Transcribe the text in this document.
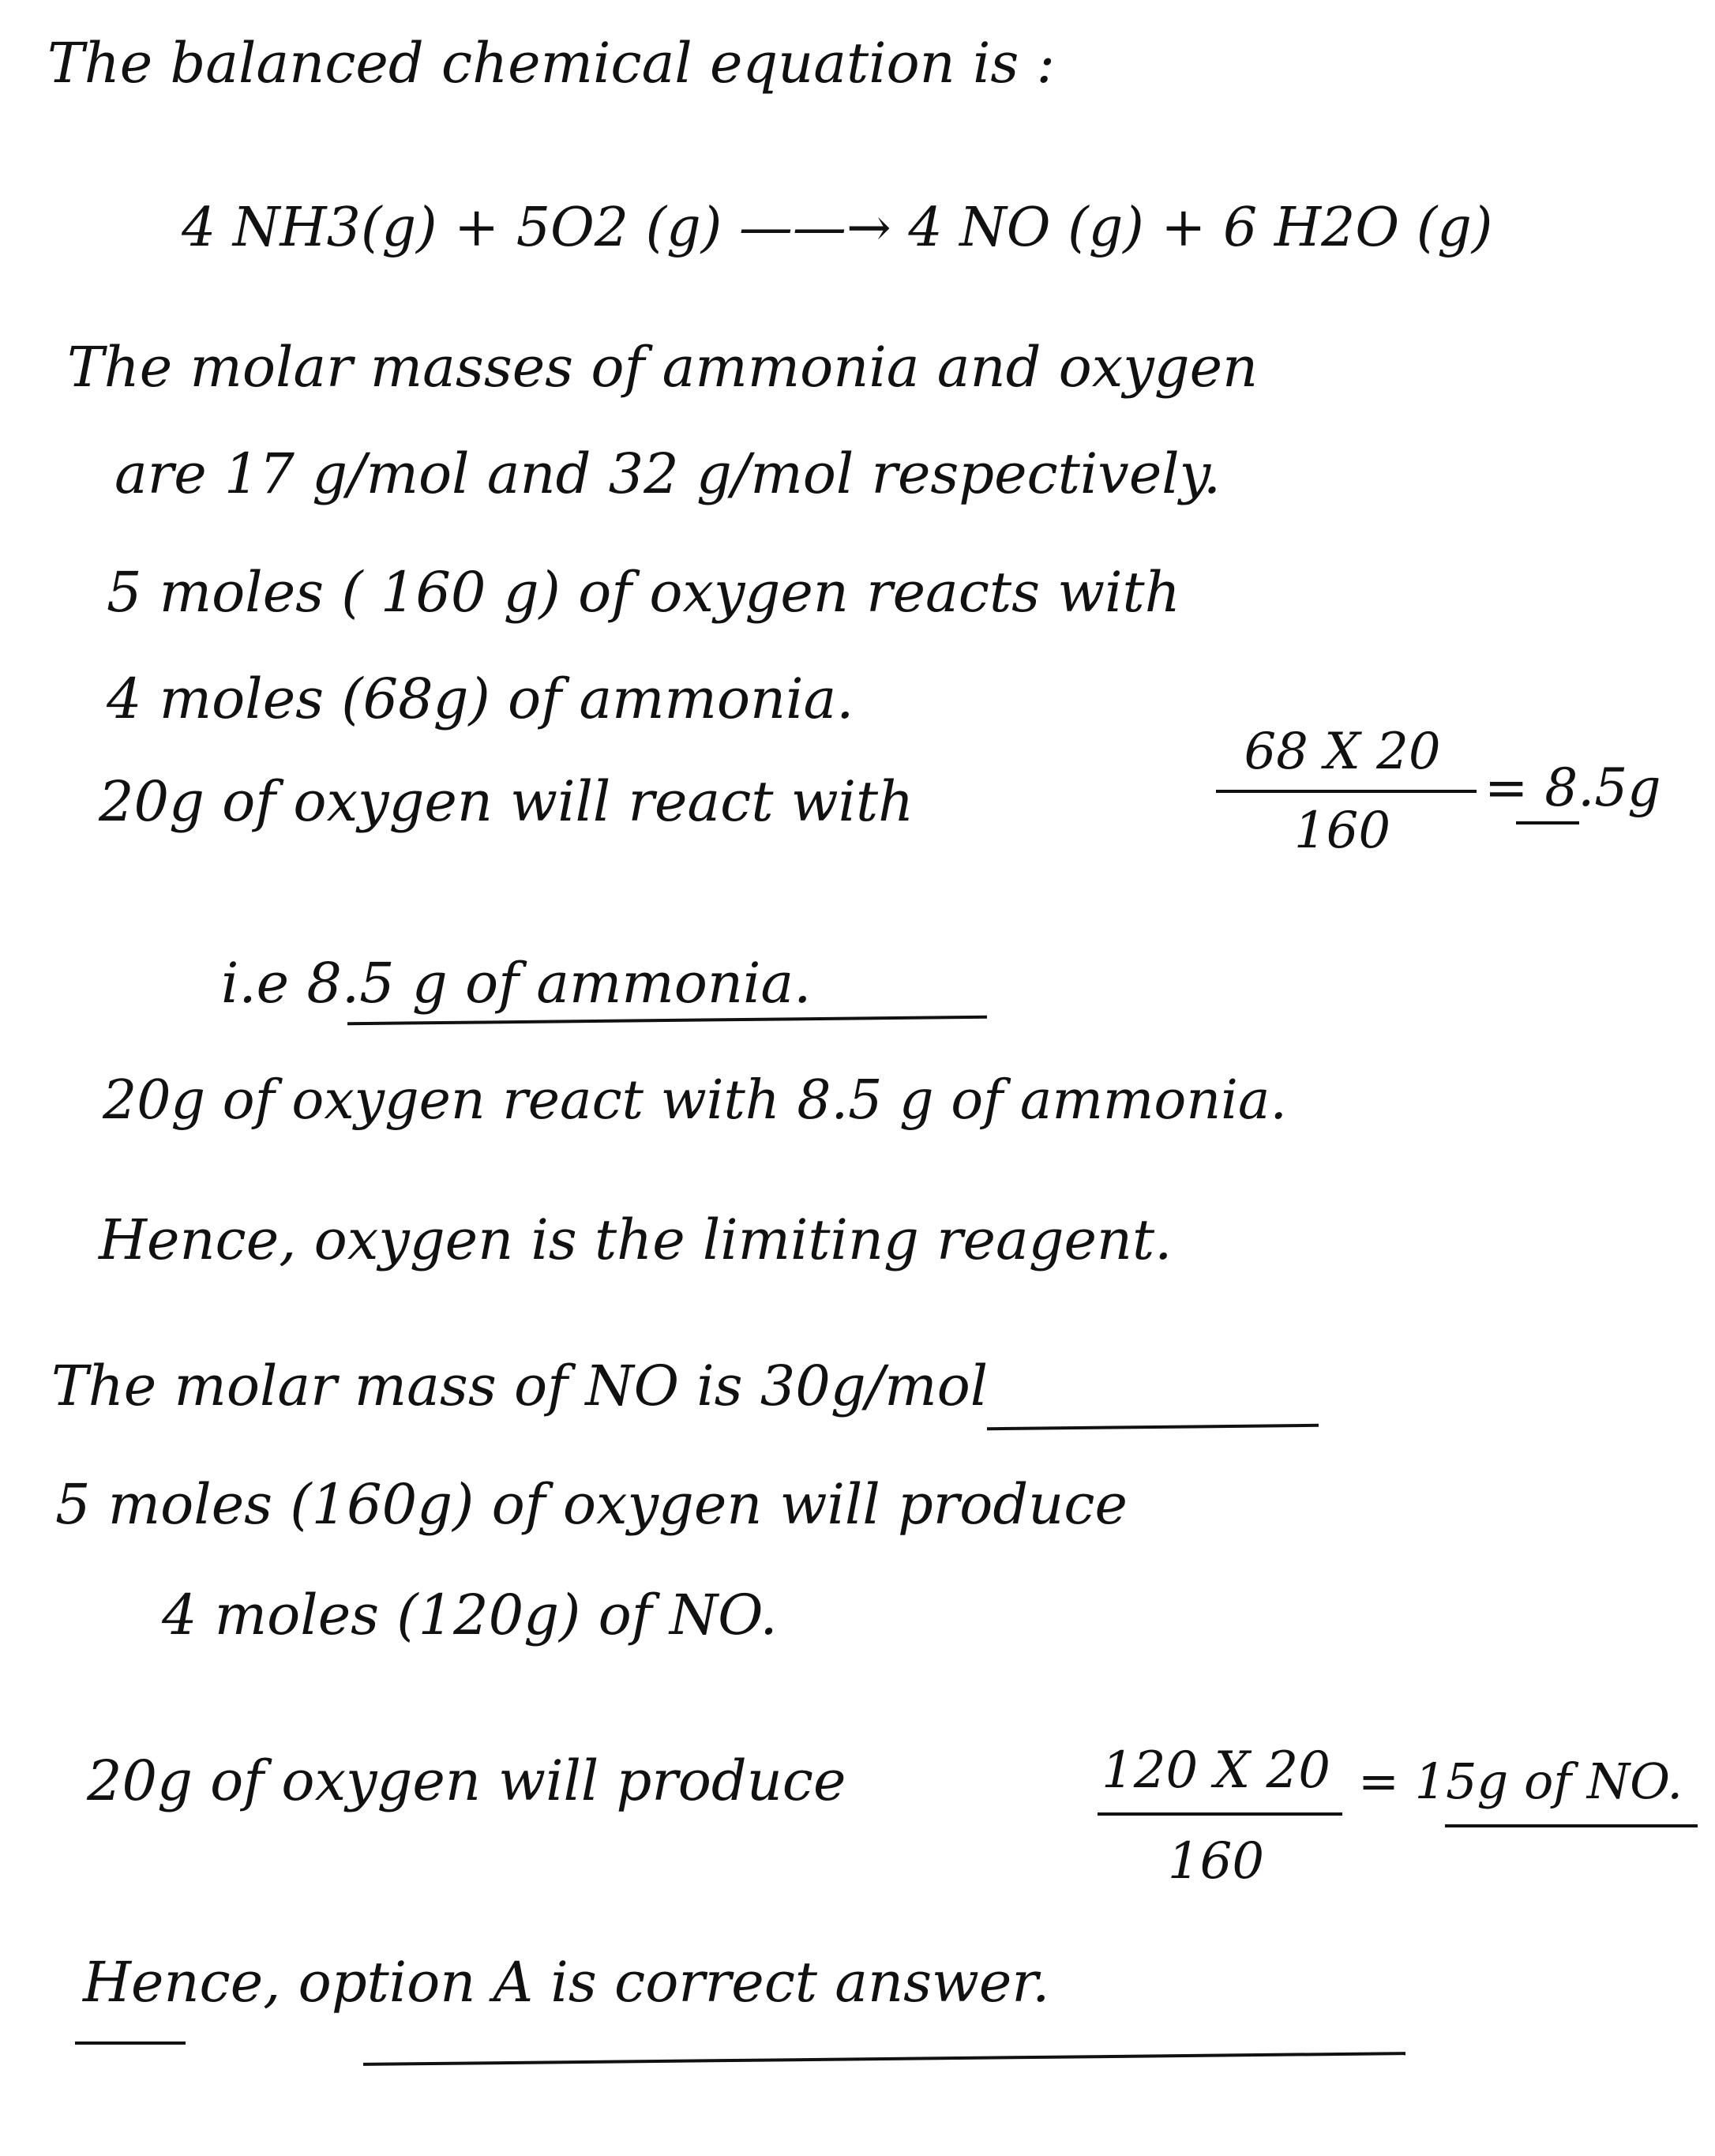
The balanced chemical equation is :
4 NH3(g) + 5O2 (g) ——→ 4 NO (g) + 6 H2O (g)
The molar masses of ammonia and oxygen
are 17 g/mol and 32 g/mol respectively.
5 moles ( 160 g) of oxygen reacts with
4 moles (68g) of ammonia.
20g of oxygen will react with
68 X 20
160
= 8.5g
i.e 8.5 g of ammonia.
20g of oxygen react with 8.5 g of ammonia.
Hence, oxygen is the limiting reagent.
The molar mass of NO is 30g/mol
5 moles (160g) of oxygen will produce
4 moles (120g) of NO.
20g of oxygen will produce	120 X 20
160
= 15g of NO.
Hence, option A is correct answer.
